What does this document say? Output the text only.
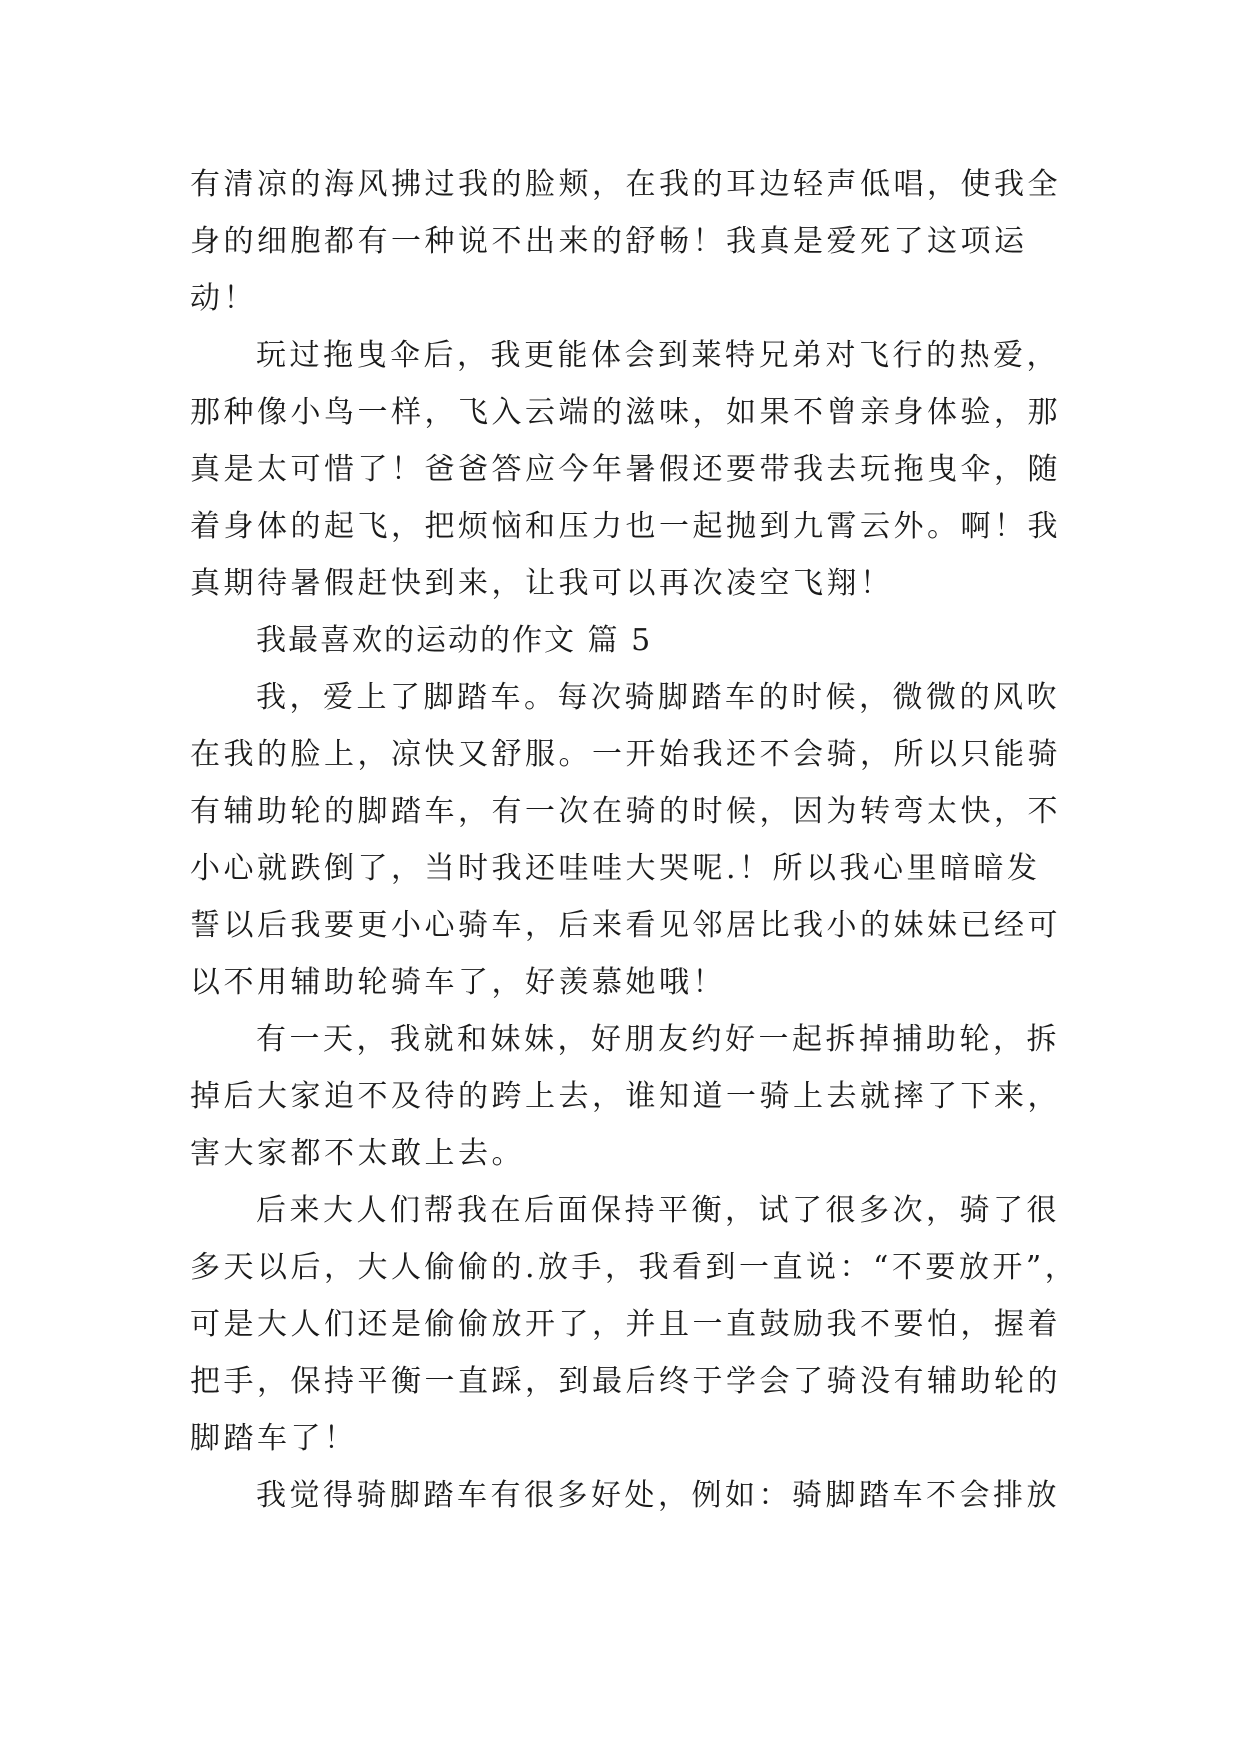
有清凉的海风拂过我的脸颊，在我的耳边轻声低唱，使我全
身的细胞都有一种说不出来的舒畅！我真是爱死了这项运
动！
玩过拖曳伞后，我更能体会到莱特兄弟对飞行的热爱，
那种像小鸟一样，飞入云端的滋味，如果不曾亲身体验，那
真是太可惜了！爸爸答应今年暑假还要带我去玩拖曳伞，随
着身体的起飞，把烦恼和压力也一起抛到九霄云外。啊！我
真期待暑假赶快到来，让我可以再次凌空飞翔！
我最喜欢的运动的作文 篇 5
我，爱上了脚踏车。每次骑脚踏车的时候，微微的风吹
在我的脸上，凉快又舒服。一开始我还不会骑，所以只能骑
有辅助轮的脚踏车，有一次在骑的时候，因为转弯太快，不
小心就跌倒了，当时我还哇哇大哭呢.！所以我心里暗暗发
誓以后我要更小心骑车，后来看见邻居比我小的妹妹已经可
以不用辅助轮骑车了，好羡慕她哦！
有一天，我就和妹妹，好朋友约好一起拆掉捕助轮，拆
掉后大家迫不及待的跨上去，谁知道一骑上去就摔了下来，
害大家都不太敢上去。
后来大人们帮我在后面保持平衡，试了很多次，骑了很
多天以后，大人偷偷的.放手，我看到一直说：“不要放开”，
可是大人们还是偷偷放开了，并且一直鼓励我不要怕，握着
把手，保持平衡一直踩，到最后终于学会了骑没有辅助轮的
脚踏车了！
我觉得骑脚踏车有很多好处，例如：骑脚踏车不会排放
